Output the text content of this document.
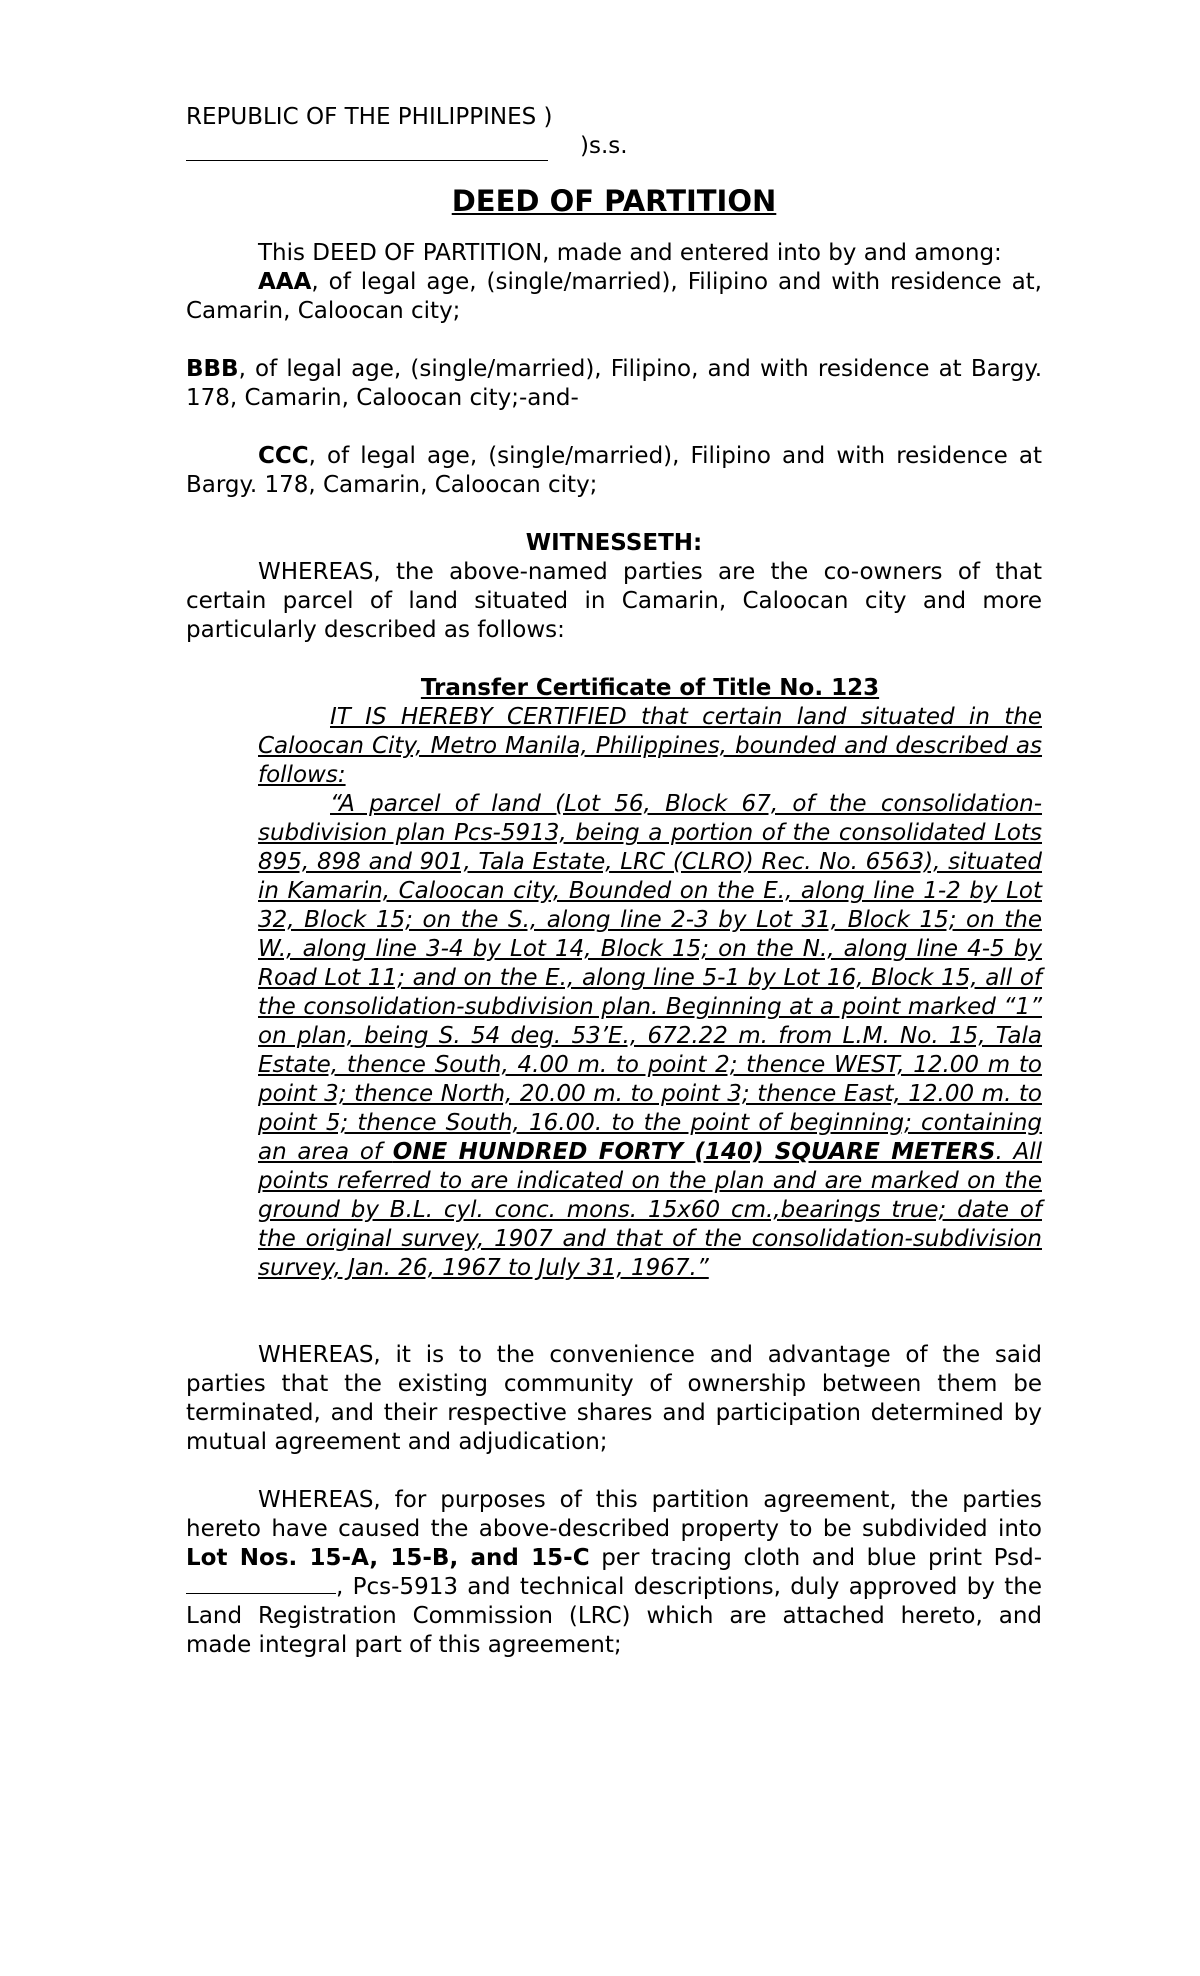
REPUBLIC OF THE PHILIPPINES )

)s.s.

DEED OF PARTITION

This DEED OF PARTITION, made and entered into by and among:

AAA, of legal age, (single/married), Filipino and with residence at, Camarin, Caloocan city;

BBB, of legal age, (single/married), Filipino, and with residence at Bargy. 178, Camarin, Caloocan city;-and-

CCC, of legal age, (single/married), Filipino and with residence at Bargy. 178, Camarin, Caloocan city;

WITNESSETH:

WHEREAS, the above-named parties are the co-owners of that certain parcel of land situated in Camarin, Caloocan city and more particularly described as follows:

Transfer Certificate of Title No. 123

IT IS HEREBY CERTIFIED that certain land situated in the Caloocan City, Metro Manila, Philippines, bounded and described as follows:

“A parcel of land (Lot 56, Block 67, of the consolidation-subdivision plan Pcs-5913, being a portion of the consolidated Lots 895, 898 and 901, Tala Estate, LRC (CLRO) Rec. No. 6563), situated in Kamarin, Caloocan city, Bounded on the E., along line 1-2 by Lot 32, Block 15; on the S., along line 2-3 by Lot 31, Block 15; on the W., along line 3-4 by Lot 14, Block 15; on the N., along line 4-5 by Road Lot 11; and on the E., along line 5-1 by Lot 16, Block 15, all of the consolidation-subdivision plan. Beginning at a point marked “1” on plan, being S. 54 deg. 53’E., 672.22 m. from L.M. No. 15, Tala Estate, thence South, 4.00 m. to point 2; thence WEST, 12.00 m to point 3; thence North, 20.00 m. to point 3; thence East, 12.00 m. to point 5; thence South, 16.00. to the point of beginning; containing an area of ONE HUNDRED FORTY (140) SQUARE METERS. All points referred to are indicated on the plan and are marked on the ground by B.L. cyl. conc. mons. 15x60 cm.,bearings true; date of the original survey, 1907 and that of the consolidation-subdivision survey, Jan. 26, 1967 to July 31, 1967.”

WHEREAS, it is to the convenience and advantage of the said parties that the existing community of ownership between them be terminated, and their respective shares and participation determined by mutual agreement and adjudication;

WHEREAS, for purposes of this partition agreement, the parties hereto have caused the above-described property to be subdivided into Lot Nos. 15-A, 15-B, and 15-C per tracing cloth and blue print Psd-, Pcs-5913 and technical descriptions, duly approved by the Land Registration Commission (LRC) which are attached hereto, and made integral part of this agreement;
